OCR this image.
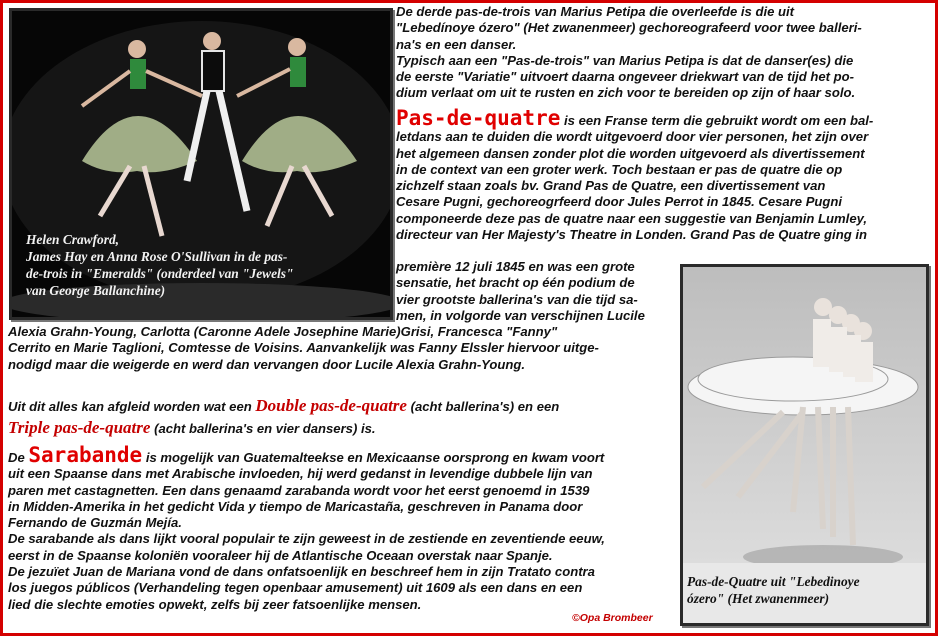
Helen Crawford,
James Hay en Anna Rose O'Sullivan in de pas-
de-trois in "Emeralds" (onderdeel van "Jewels"
van George Ballanchine)
De derde pas-de-trois van Marius Petipa die overleefde is die uit
"Lebedínoye ózero" (Het zwanenmeer) gechoreografeerd voor twee balleri-
na's en een danser.
Typisch aan een "Pas-de-trois" van Marius Petipa is dat de danser(es) die
de eerste "Variatie" uitvoert daarna ongeveer driekwart van de tijd het po-
dium verlaat om uit te rusten en zich voor te bereiden op zijn of haar solo.
Pas-de-quatre is een Franse term die gebruikt wordt om een bal-
letdans aan te duiden die wordt uitgevoerd door vier personen, het zijn over
het algemeen dansen zonder plot die worden uitgevoerd als divertissement
in de context van een groter werk. Toch bestaan er pas de quatre die op
zichzelf staan zoals bv. Grand Pas de Quatre, een divertissement van
Cesare Pugni, gechoreogrfeerd door Jules Perrot in 1845. Cesare Pugni
componeerde deze pas de quatre naar een suggestie van Benjamin Lumley,
directeur van Her Majesty's Theatre in Londen. Grand Pas de Quatre ging in
première 12 juli 1845 en was een grote
sensatie, het bracht op één podium de
vier grootste ballerina's van die tijd sa-
men, in volgorde van verschijnen Lucile
Alexia Grahn-Young, Carlotta (Caronne Adele Josephine Marie)Grisi, Francesca "Fanny"
Cerrito en Marie Taglioni, Comtesse de Voisins. Aanvankelijk was Fanny Elssler hiervoor uitge-
nodigd maar die weigerde en werd dan vervangen door Lucile Alexia Grahn-Young.
Uit dit alles kan afgleid worden wat een Double pas-de-quatre (acht ballerina's) en een
Triple pas-de-quatre (acht ballerina's en vier dansers) is.
De Sarabande is mogelijk van Guatemalteekse en Mexicaanse oorsprong en kwam voort
uit een Spaanse dans met Arabische invloeden, hij werd gedanst in levendige dubbele lijn van
paren met castagnetten. Een dans genaamd zarabanda wordt voor het eerst genoemd in 1539
in Midden-Amerika in het gedicht Vida y tiempo de Maricastaña, geschreven in Panama door
Fernando de Guzmán Mejía.
De sarabande als dans lijkt vooral populair te zijn geweest in de zestiende en zeventiende eeuw,
eerst in de Spaanse koloniën vooraleer hij de Atlantische Oceaan overstak naar Spanje.
De jezuïet Juan de Mariana vond de dans onfatsoenlijk en beschreef hem in zijn Tratato contra
los juegos públicos (Verhandeling tegen openbaar amusement) uit 1609 als een dans en een
lied die slechte emoties opwekt, zelfs bij zeer fatsoenlijke mensen.
©Opa Brombeer
Pas-de-Quatre uit "Lebedinoye
ózero" (Het zwanenmeer)
